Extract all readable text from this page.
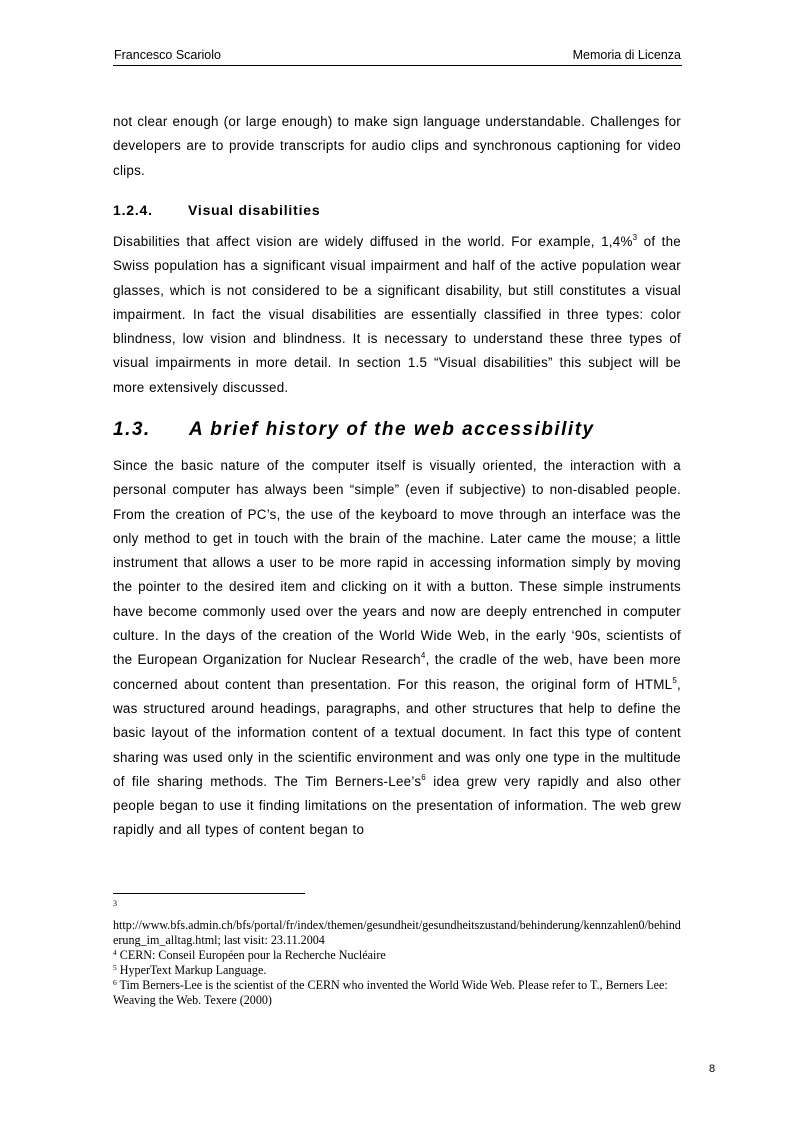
Francesco Scariolo	Memoria di Licenza

not clear enough (or large enough) to make sign language understandable. Challenges for developers are to provide transcripts for audio clips and synchronous captioning for video clips.

1.2.4.	Visual disabilities

Disabilities that affect vision are widely diffused in the world. For example, 1,4%$^3$ of the Swiss population has a significant visual impairment and half of the active population wear glasses, which is not considered to be a significant disability, but still constitutes a visual impairment. In fact the visual disabilities are essentially classified in three types: color blindness, low vision and blindness. It is necessary to understand these three types of visual impairments in more detail. In section 1.5 “Visual disabilities” this subject will be more extensively discussed.

1.3. A brief history of the web accessibility

Since the basic nature of the computer itself is visually oriented, the interaction with a personal computer has always been “simple” (even if subjective) to non-disabled people. From the creation of PC’s, the use of the keyboard to move through an interface was the only method to get in touch with the brain of the machine. Later came the mouse; a little instrument that allows a user to be more rapid in accessing information simply by moving the pointer to the desired item and clicking on it with a button. These simple instruments have become commonly used over the years and now are deeply entrenched in computer culture. In the days of the creation of the World Wide Web, in the early ‘90s, scientists of the European Organization for Nuclear Research$^4$, the cradle of the web, have been more concerned about content than presentation. For this reason, the original form of HTML$^5$, was structured around headings, paragraphs, and other structures that help to define the basic layout of the information content of a textual document. In fact this type of content sharing was used only in the scientific environment and was only one type in the multitude of file sharing methods. The Tim Berners-$Lee’s^6$ idea grew very rapidly and also other people began to use it finding limitations on the presentation of information. The web grew rapidly and all types of content began to

3
http://www.bfs.admin.ch/bfs/portal/fr/index/themen/gesundheit/gesundheitszustand/behinderung/kennzahlen0/behinderung_im_alltag.html; last visit: 23.11.2004
$^4$ CERN: Conseil Européen pour la Recherche Nucléaire
$^5$ HyperText Markup Language.
$^6$ Tim Berners-Lee is the scientist of the CERN who invented the World Wide Web. Please refer to T., Berners Lee: Weaving the Web. Texere (2000)
8
